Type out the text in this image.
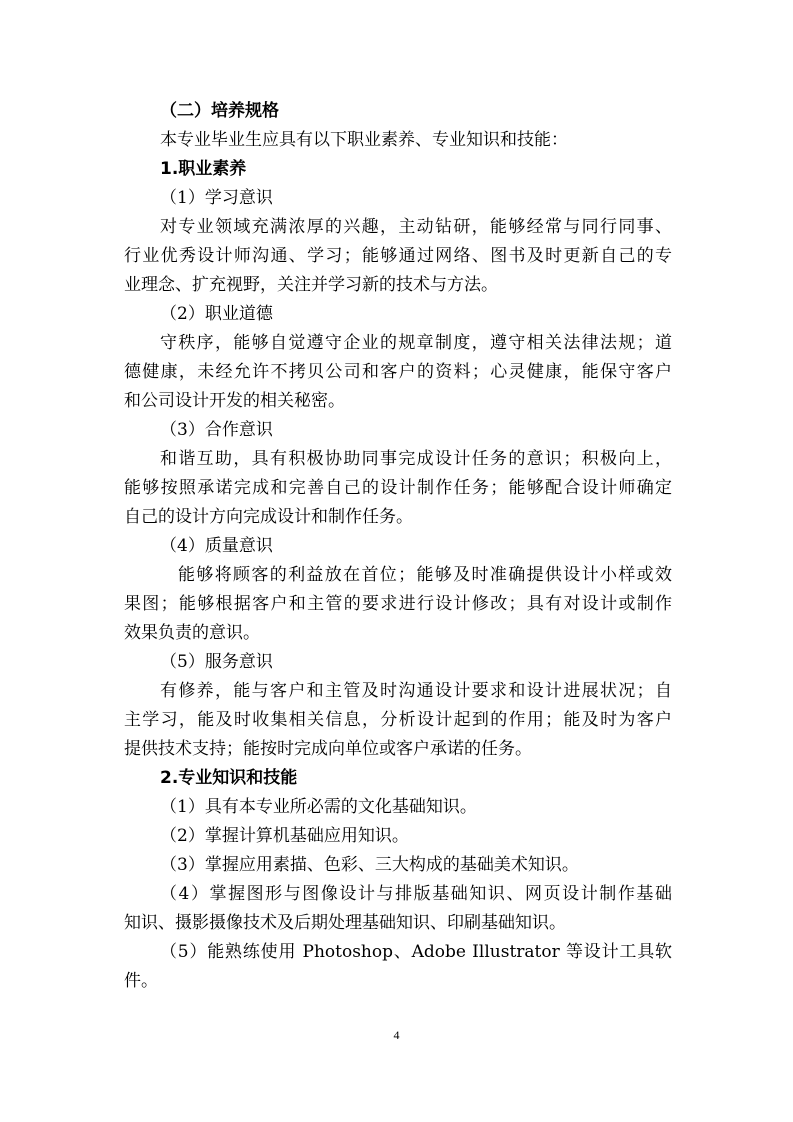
（二）培养规格
本专业毕业生应具有以下职业素养、专业知识和技能：
1.职业素养
（1）学习意识
对专业领域充满浓厚的兴趣，主动钻研，能够经常与同行同事、
行业优秀设计师沟通、学习；能够通过网络、图书及时更新自己的专
业理念、扩充视野，关注并学习新的技术与方法。
（2）职业道德
守秩序，能够自觉遵守企业的规章制度，遵守相关法律法规；道
德健康，未经允许不拷贝公司和客户的资料；心灵健康，能保守客户
和公司设计开发的相关秘密。
（3）合作意识
和谐互助，具有积极协助同事完成设计任务的意识；积极向上，
能够按照承诺完成和完善自己的设计制作任务；能够配合设计师确定
自己的设计方向完成设计和制作任务。
（4）质量意识
能够将顾客的利益放在首位；能够及时准确提供设计小样或效
果图；能够根据客户和主管的要求进行设计修改；具有对设计或制作
效果负责的意识。
（5）服务意识
有修养，能与客户和主管及时沟通设计要求和设计进展状况；自
主学习，能及时收集相关信息，分析设计起到的作用；能及时为客户
提供技术支持；能按时完成向单位或客户承诺的任务。
2.专业知识和技能
（1）具有本专业所必需的文化基础知识。
（2）掌握计算机基础应用知识。
（3）掌握应用素描、色彩、三大构成的基础美术知识。
（4）掌握图形与图像设计与排版基础知识、网页设计制作基础
知识、摄影摄像技术及后期处理基础知识、印刷基础知识。
（5）能熟练使用 Photoshop、Adobe Illustrator 等设计工具软
件。
4
